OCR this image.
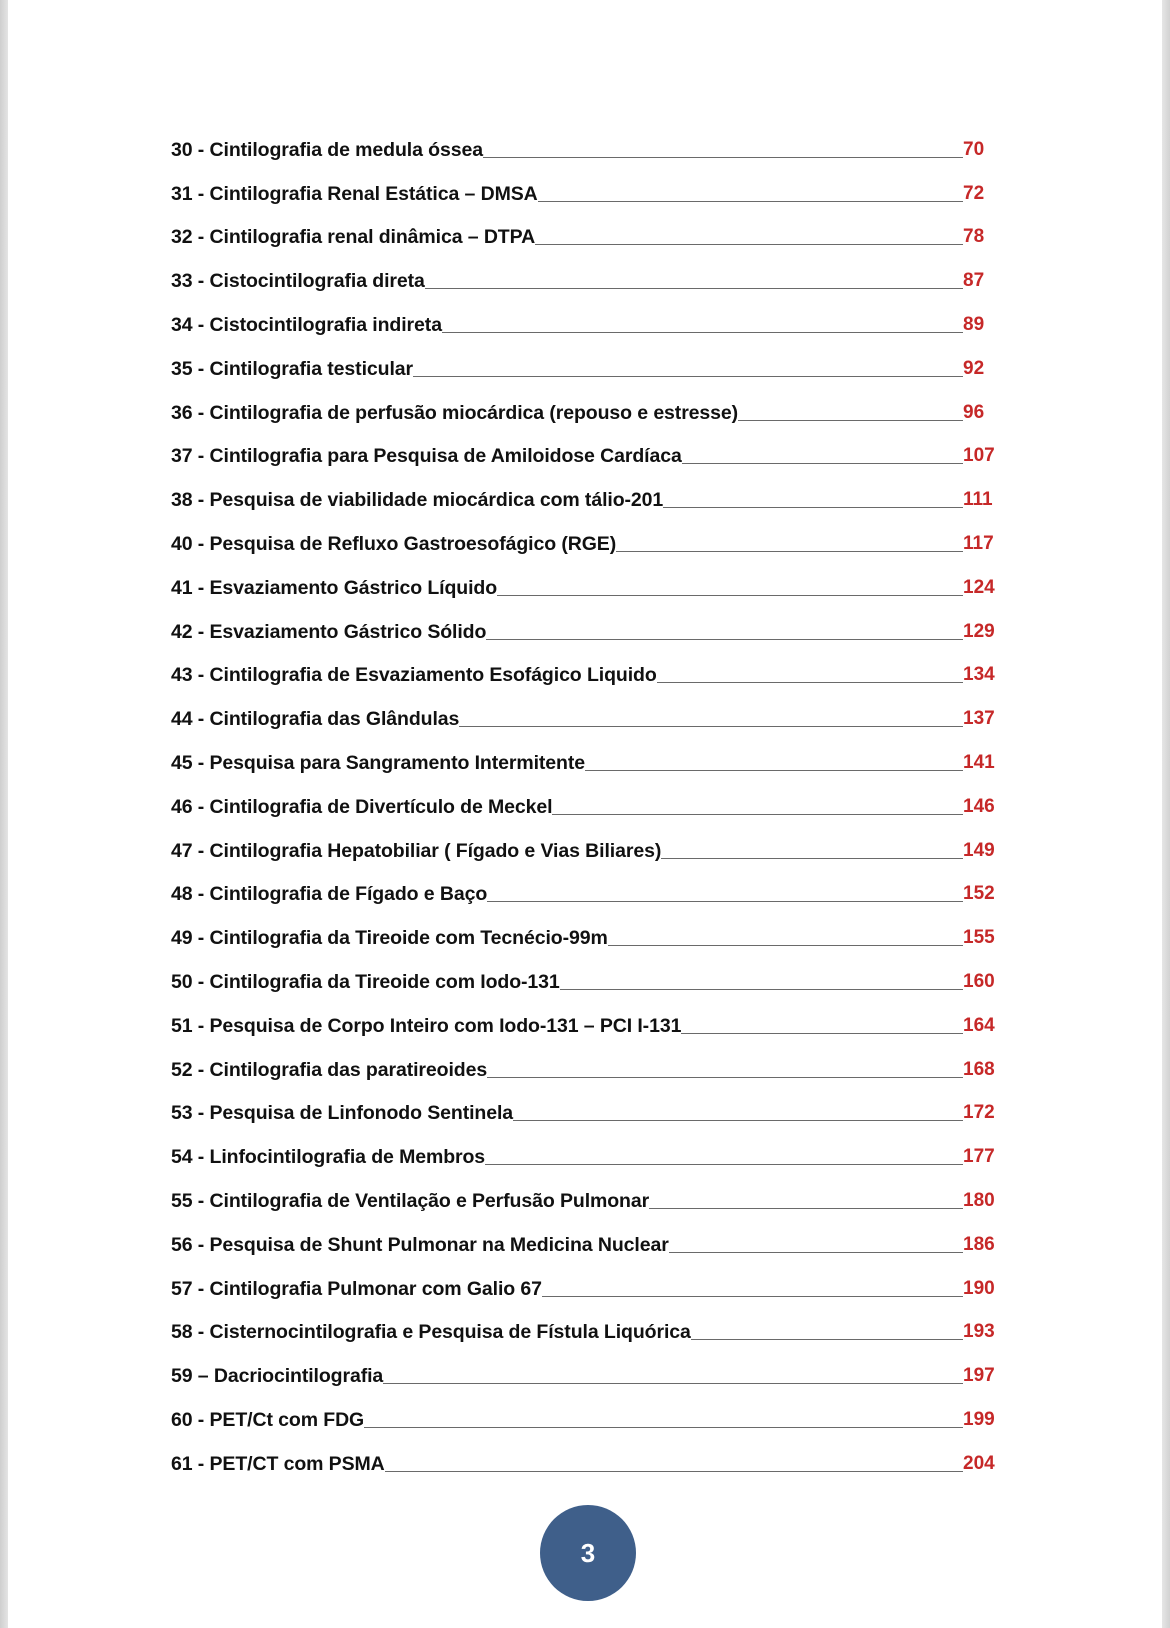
30 - Cintilografia de medula óssea	70
31 - Cintilografia Renal Estática – DMSA	72
32 - Cintilografia renal dinâmica – DTPA	78
33 - Cistocintilografia direta	87
34 - Cistocintilografia indireta	89
35 - Cintilografia testicular	92
36 - Cintilografia de perfusão miocárdica (repouso e estresse)	96
37 - Cintilografia para Pesquisa de Amiloidose Cardíaca	107
38 - Pesquisa de viabilidade miocárdica com tálio-201	111
40 - Pesquisa de Refluxo Gastroesofágico (RGE)	117
41 - Esvaziamento Gástrico Líquido	124
42 - Esvaziamento Gástrico Sólido	129
43 - Cintilografia de Esvaziamento Esofágico Liquido	134
44 - Cintilografia das Glândulas	137
45 - Pesquisa para Sangramento Intermitente	141
46 - Cintilografia de Divertículo de Meckel	146
47 - Cintilografia Hepatobiliar ( Fígado e Vias Biliares)	149
48 - Cintilografia de Fígado e Baço	152
49 - Cintilografia da Tireoide com Tecnécio-99m	155
50 - Cintilografia da Tireoide com Iodo-131	160
51 - Pesquisa de Corpo Inteiro com Iodo-131 – PCI I-131	164
52 - Cintilografia das paratireoides	168
53 - Pesquisa de Linfonodo Sentinela	172
54 - Linfocintilografia de Membros	177
55 - Cintilografia de Ventilação e Perfusão Pulmonar	180
56 - Pesquisa de Shunt Pulmonar na Medicina Nuclear	186
57 - Cintilografia Pulmonar com Galio 67	190
58 - Cisternocintilografia e Pesquisa de Fístula Liquórica	193
59 – Dacriocintilografia	197
60 - PET/Ct com FDG	199
61 - PET/CT com PSMA	204
3
